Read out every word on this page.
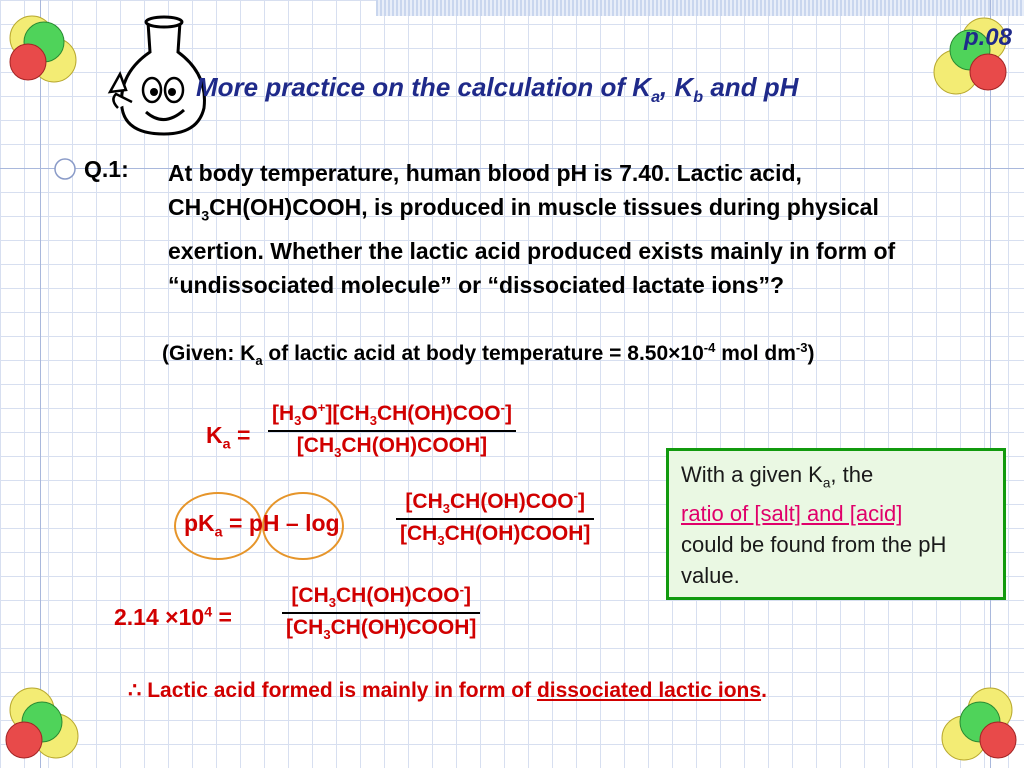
p.08
More practice on the calculation of $K_a$, $K_b$ and pH
Q.1: At body temperature, human blood pH is 7.40. Lactic acid, $CH_3CH(OH)COOH$, is produced in muscle tissues during physical exertion. Whether the lactic acid produced exists mainly in form of “undissociated molecule” or “dissociated lactate ions”?
(Given: $K_a$ of lactic acid at body temperature = $8.50\times 10^{-4}$ mol $dm^{-3}$)
$K_a$ =
$[H_3O^+][CH_3CH(OH)COO^-]$
$[CH_3CH(OH)COOH]$
$pK_a$ = pH – log
$[CH_3CH(OH)COO^-]$
$[CH_3CH(OH)COOH]$
$2.14 \times 10^4$ =
$[CH_3CH(OH)COO^-]$
$[CH_3CH(OH)COOH]$
With a given $K_a$, the
ratio of [salt] and [acid]
could be found from the pH value.
∴ Lactic acid formed is mainly in form of dissociated lactic ions.
